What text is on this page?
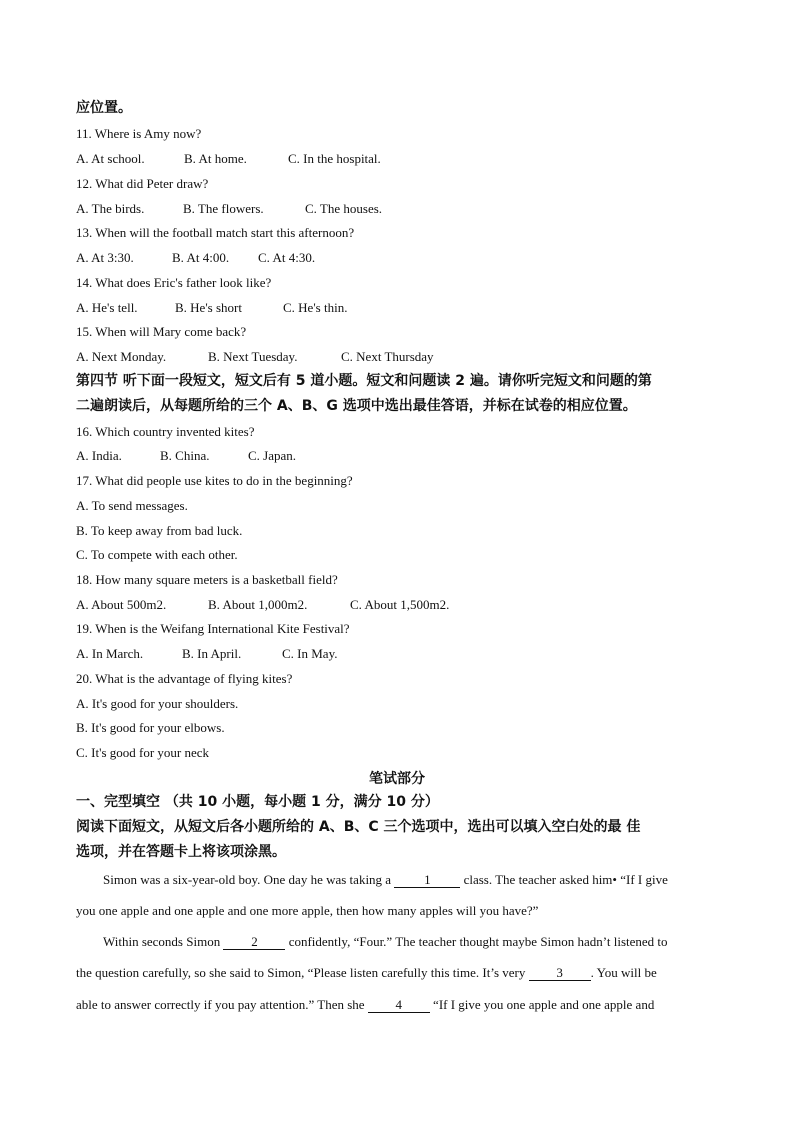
应位置。
11. Where is Amy now?
A. At school.	B. At home.	C. In the hospital.
12. What did Peter draw?
A. The birds.	B. The flowers.	C. The houses.
13. When will the football match start this afternoon?
A. At 3:30.	B. At 4:00. C. At 4:30.
14. What does Eric's father look like?
A. He's tell.	B. He's short	C. He's thin.
15. When will Mary come back?
A. Next Monday.	B. Next Tuesday.	C. Next Thursday
第四节 听下面一段短文，短文后有 5 道小题。短文和问题读 2 遍。请你听完短文和问题的第
二遍朗读后，从每题所给的三个 A、B、G 选项中选出最佳答语，并标在试卷的相应位置。
16. Which country invented kites?
A. India.	B. China.	C. Japan.
17. What did people use kites to do in the beginning?
A. To send messages.
B. To keep away from bad luck.
C. To compete with each other.
18. How many square meters is a basketball field?
A. About 500m2.	B. About 1,000m2.	C. About 1,500m2.
19. When is the Weifang International Kite Festival?
A. In March.	B. In April.	C. In May.
20. What is the advantage of flying kites?
A. It's good for your shoulders.
B. It's good for your elbows.
C. It's good for your neck
笔试部分
一、完型填空 （共 10 小题，每小题 1 分，满分 10 分）
阅读下面短文，从短文后各小题所给的 A、B、C 三个选项中，选出可以填入空白处的最 佳
选项，并在答题卡上将该项涂黑。
Simon was a six-year-old boy. One day he was taking a 1 class. The teacher asked him• “If I give
you one apple and one apple and one more apple, then how many apples will you have?”
Within seconds Simon 2 confidently, “Four.” The teacher thought maybe Simon hadn’t listened to
the question carefully, so she said to Simon, “Please listen carefully this time. It’s very 3 . You will be
able to answer correctly if you pay attention.” Then she 4 “If I give you one apple and one apple and
